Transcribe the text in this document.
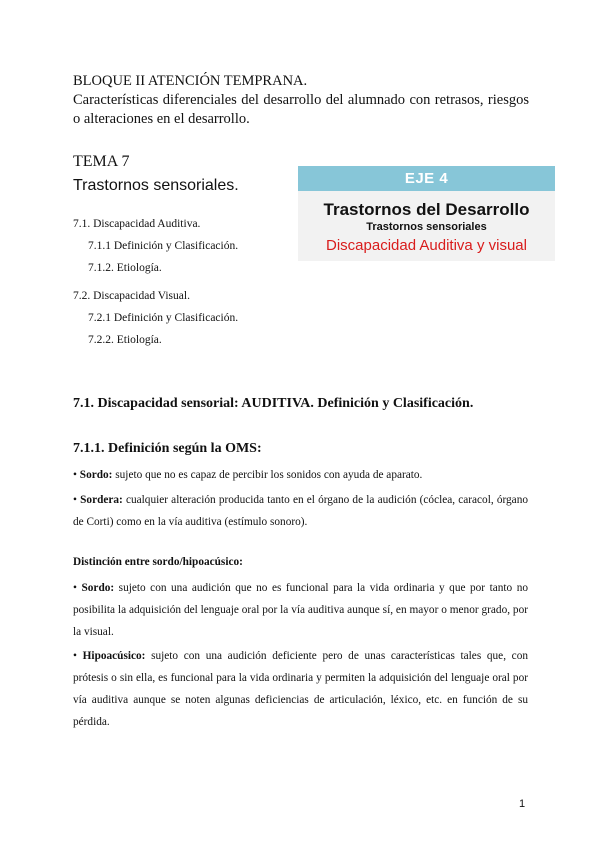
BLOQUE II ATENCIÓN TEMPRANA.
Características diferenciales del desarrollo del alumnado con retrasos, riesgos o alteraciones en el desarrollo.
TEMA 7
Trastornos sensoriales.	EJE 4
Trastornos del Desarrollo
Trastornos sensoriales
Discapacidad Auditiva y visual
7.1. Discapacidad Auditiva.
7.1.1 Definición y Clasificación.
7.1.2. Etiología.
7.2. Discapacidad Visual.
7.2.1 Definición y Clasificación.
7.2.2. Etiología.
7.1. Discapacidad sensorial: AUDITIVA. Definición y Clasificación.
7.1.1. Definición según la OMS:
• Sordo: sujeto que no es capaz de percibir los sonidos con ayuda de aparato.
• Sordera: cualquier alteración producida tanto en el órgano de la audición (cóclea, caracol, órgano de Corti) como en la vía auditiva (estímulo sonoro).
Distinción entre sordo/hipoacúsico:
• Sordo: sujeto con una audición que no es funcional para la vida ordinaria y que por tanto no posibilita la adquisición del lenguaje oral por la vía auditiva aunque sí, en mayor o menor grado, por la visual.
• Hipoacúsico: sujeto con una audición deficiente pero de unas características tales que, con prótesis o sin ella, es funcional para la vida ordinaria y permiten la adquisición del lenguaje oral por vía auditiva aunque se noten algunas deficiencias de articulación, léxico, etc. en función de su pérdida.
1
